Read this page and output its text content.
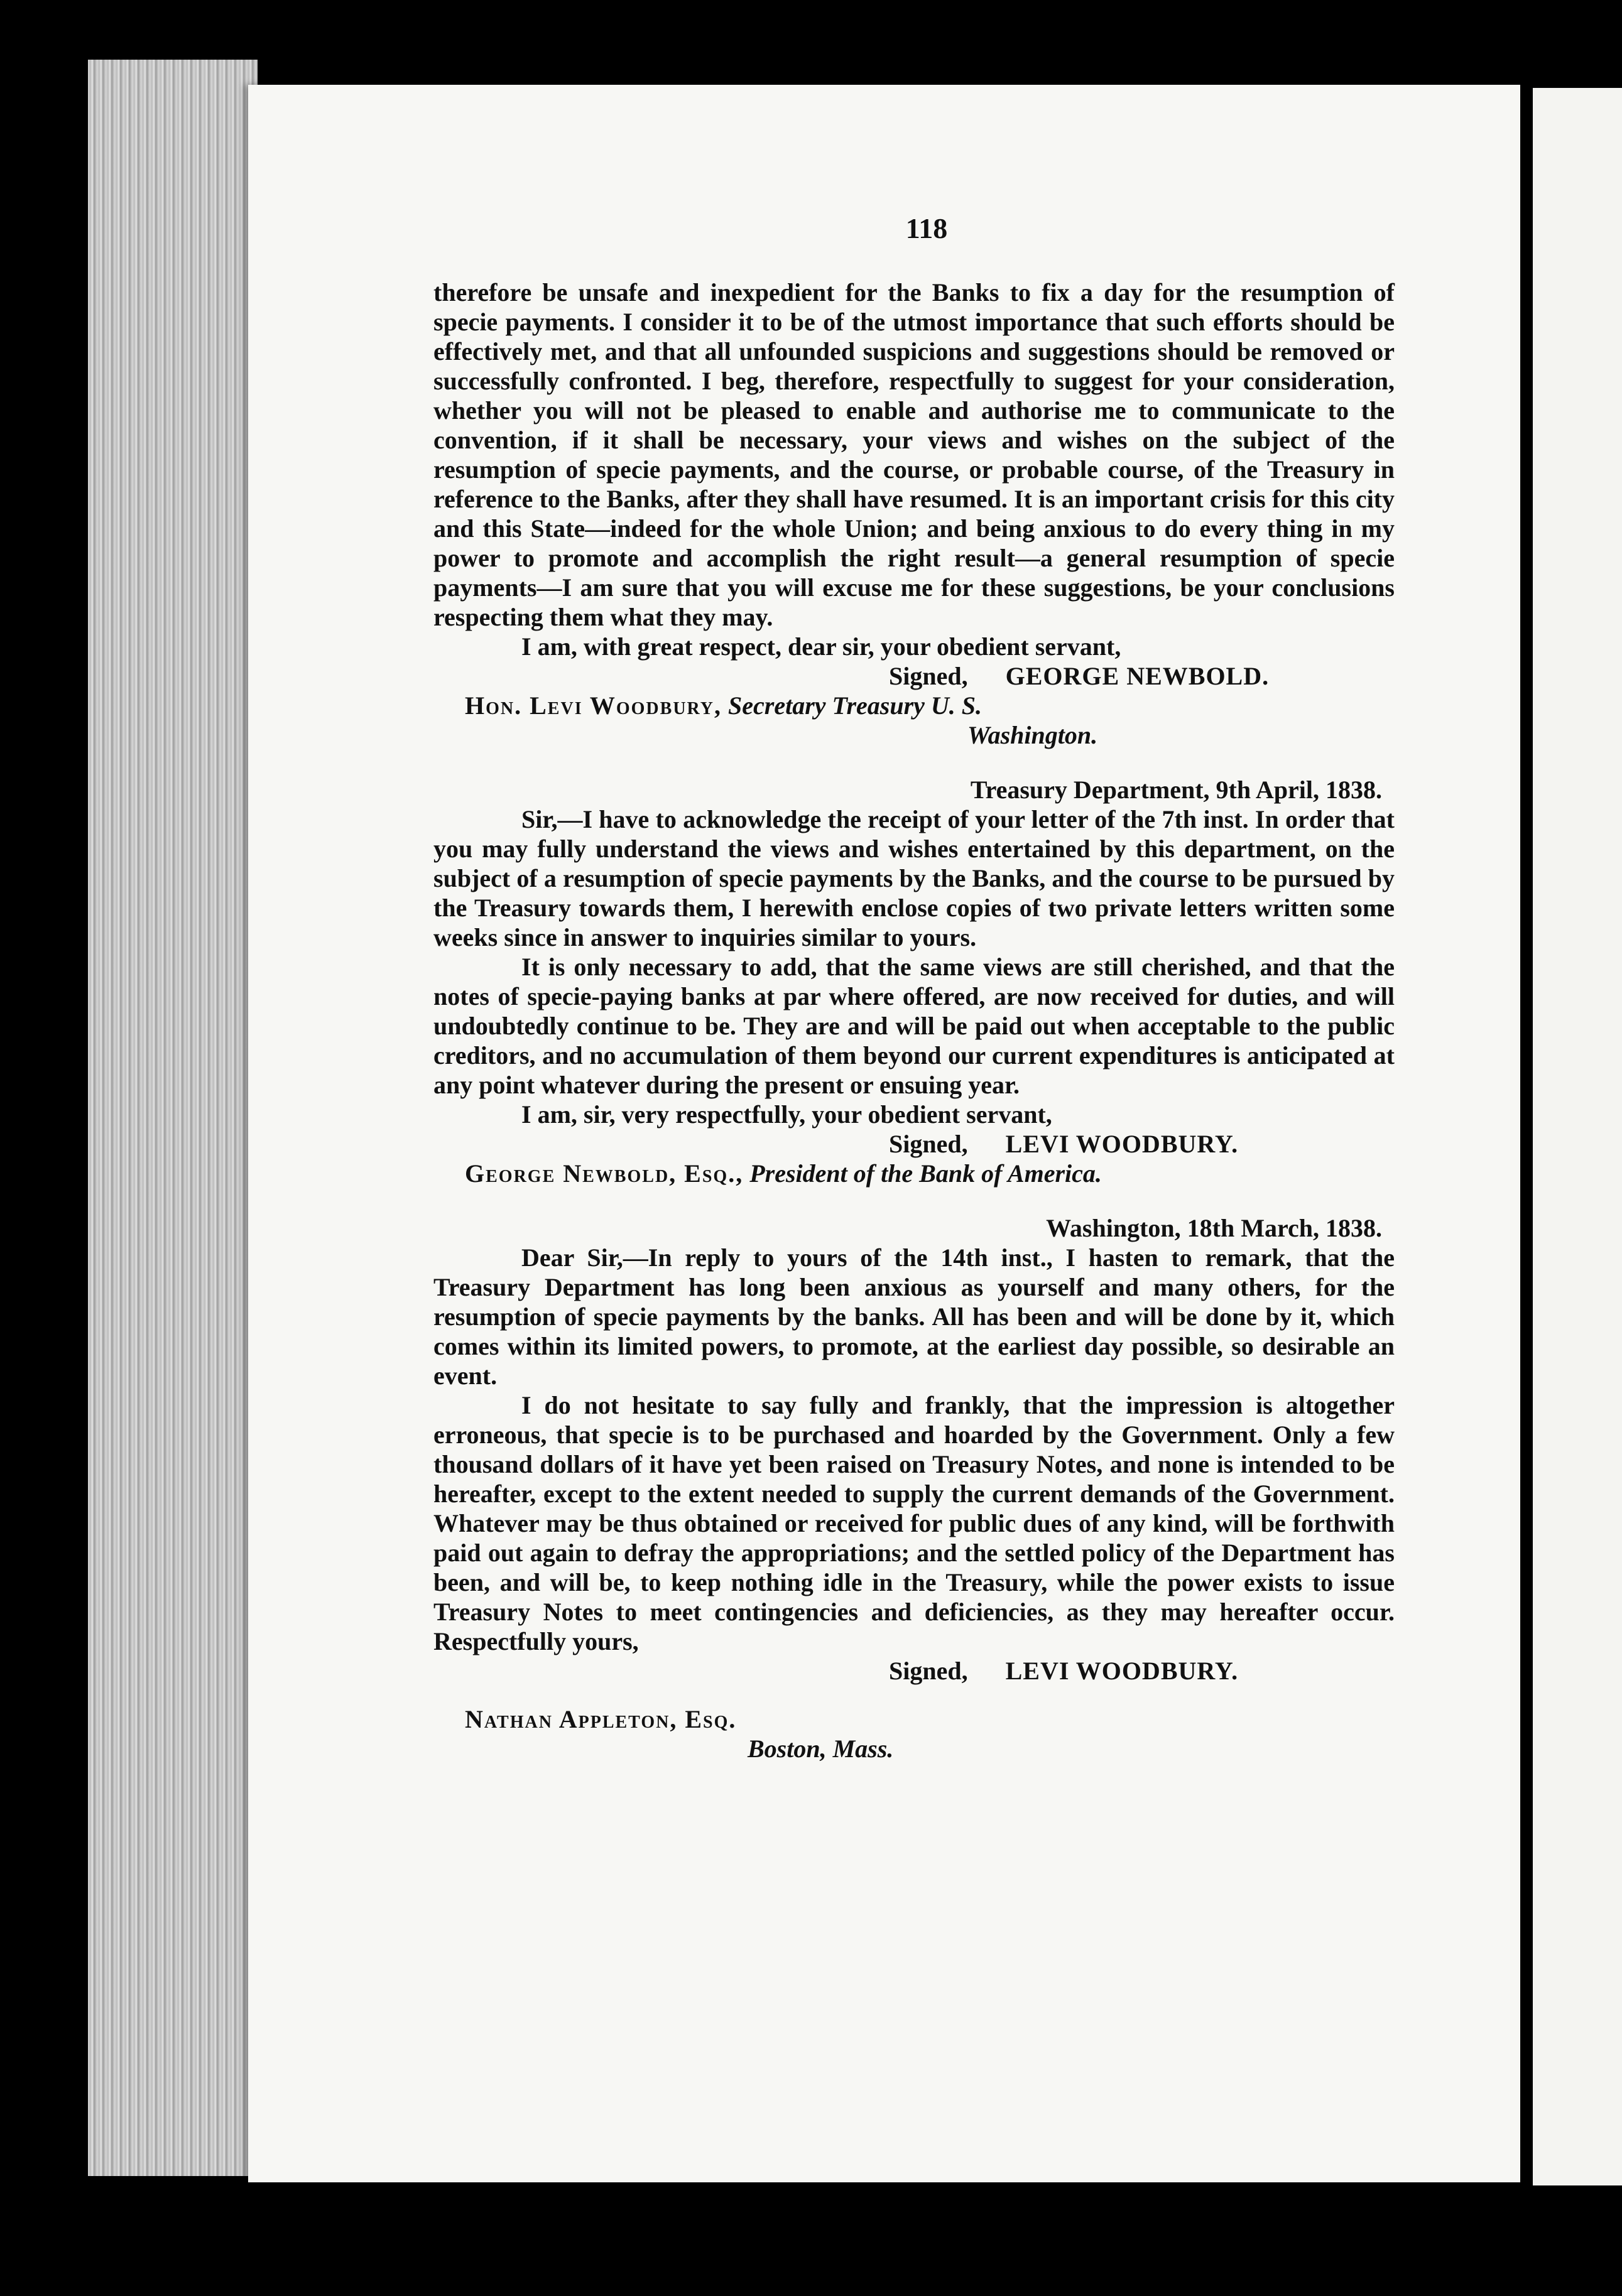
118

therefore be unsafe and inexpedient for the Banks to fix a day for the resumption of specie payments. I consider it to be of the utmost importance that such efforts should be effectively met, and that all unfounded suspicions and suggestions should be removed or successfully confronted. I beg, therefore, respectfully to suggest for your consideration, whether you will not be pleased to enable and authorise me to communicate to the convention, if it shall be necessary, your views and wishes on the subject of the resumption of specie payments, and the course, or probable course, of the Treasury in reference to the Banks, after they shall have resumed. It is an important crisis for this city and this State—indeed for the whole Union; and being anxious to do every thing in my power to promote and accomplish the right result—a general resumption of specie payments—I am sure that you will excuse me for these suggestions, be your conclusions respecting them what they may.

I am, with great respect, dear sir, your obedient servant,

Signed, GEORGE NEWBOLD.

Hon. Levi Woodbury, Secretary Treasury U. S.

Washington.

Treasury Department, 9th April, 1838.

Sir,—I have to acknowledge the receipt of your letter of the 7th inst. In order that you may fully understand the views and wishes entertained by this department, on the subject of a resumption of specie payments by the Banks, and the course to be pursued by the Treasury towards them, I herewith enclose copies of two private letters written some weeks since in answer to inquiries similar to yours.

It is only necessary to add, that the same views are still cherished, and that the notes of specie-paying banks at par where offered, are now received for duties, and will undoubtedly continue to be. They are and will be paid out when acceptable to the public creditors, and no accumulation of them beyond our current expenditures is anticipated at any point whatever during the present or ensuing year.

I am, sir, very respectfully, your obedient servant,

Signed, LEVI WOODBURY.

George Newbold, Esq., President of the Bank of America.

Washington, 18th March, 1838.

Dear Sir,—In reply to yours of the 14th inst., I hasten to remark, that the Treasury Department has long been anxious as yourself and many others, for the resumption of specie payments by the banks. All has been and will be done by it, which comes within its limited powers, to promote, at the earliest day possible, so desirable an event.

I do not hesitate to say fully and frankly, that the impression is altogether erroneous, that specie is to be purchased and hoarded by the Government. Only a few thousand dollars of it have yet been raised on Treasury Notes, and none is intended to be hereafter, except to the extent needed to supply the current demands of the Government. Whatever may be thus obtained or received for public dues of any kind, will be forthwith paid out again to defray the appropriations; and the settled policy of the Department has been, and will be, to keep nothing idle in the Treasury, while the power exists to issue Treasury Notes to meet contingencies and deficiencies, as they may hereafter occur. Respectfully yours,

Signed, LEVI WOODBURY.

Nathan Appleton, Esq.

Boston, Mass.
